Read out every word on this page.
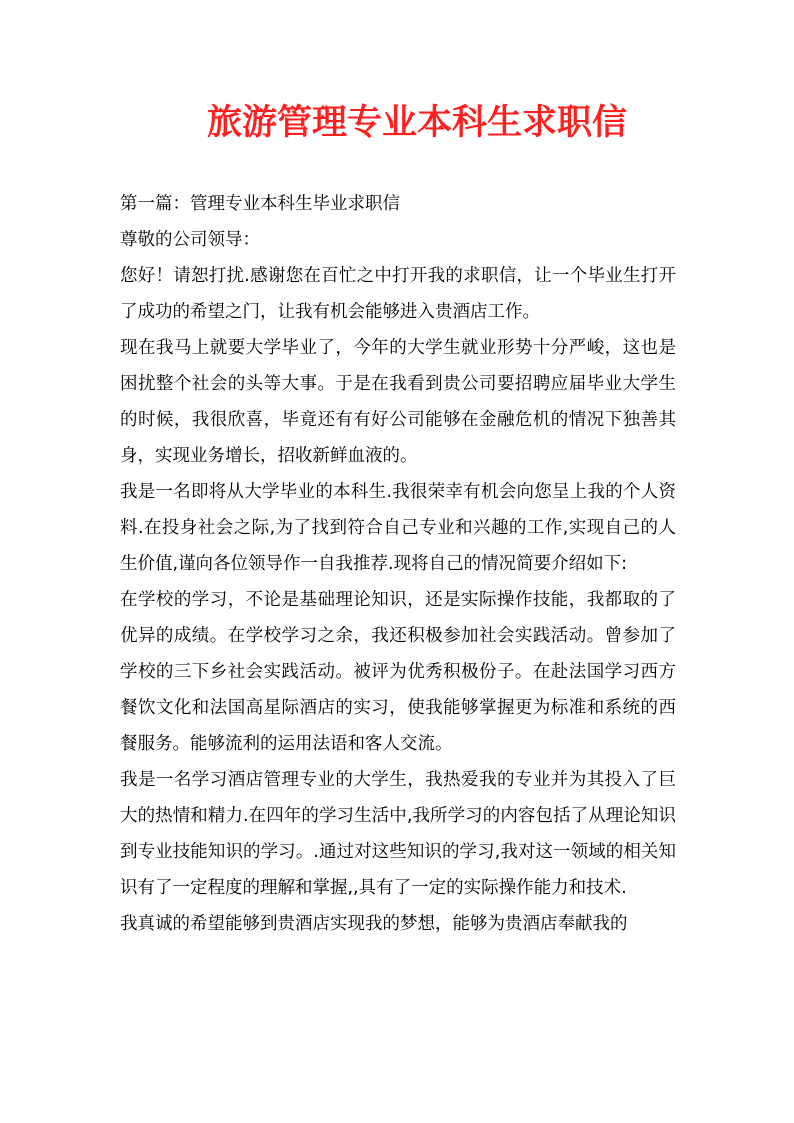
旅游管理专业本科生求职信

第一篇：管理专业本科生毕业求职信

尊敬的公司领导：

您好！请恕打扰.感谢您在百忙之中打开我的求职信，让一个毕业生打开了成功的希望之门，让我有机会能够进入贵酒店工作。

现在我马上就要大学毕业了，今年的大学生就业形势十分严峻，这也是困扰整个社会的头等大事。于是在我看到贵公司要招聘应届毕业大学生的时候，我很欣喜，毕竟还有有好公司能够在金融危机的情况下独善其身，实现业务增长，招收新鲜血液的。

我是一名即将从大学毕业的本科生.我很荣幸有机会向您呈上我的个人资料.在投身社会之际,为了找到符合自己专业和兴趣的工作,实现自己的人生价值,谨向各位领导作一自我推荐.现将自己的情况简要介绍如下:

在学校的学习，不论是基础理论知识，还是实际操作技能，我都取的了优异的成绩。在学校学习之余，我还积极参加社会实践活动。曾参加了学校的三下乡社会实践活动。被评为优秀积极份子。在赴法国学习西方餐饮文化和法国高星际酒店的实习，使我能够掌握更为标准和系统的西餐服务。能够流利的运用法语和客人交流。

我是一名学习酒店管理专业的大学生，我热爱我的专业并为其投入了巨大的热情和精力.在四年的学习生活中,我所学习的内容包括了从理论知识到专业技能知识的学习。.通过对这些知识的学习,我对这一领域的相关知识有了一定程度的理解和掌握,,具有了一定的实际操作能力和技术.

我真诚的希望能够到贵酒店实现我的梦想，能够为贵酒店奉献我的
